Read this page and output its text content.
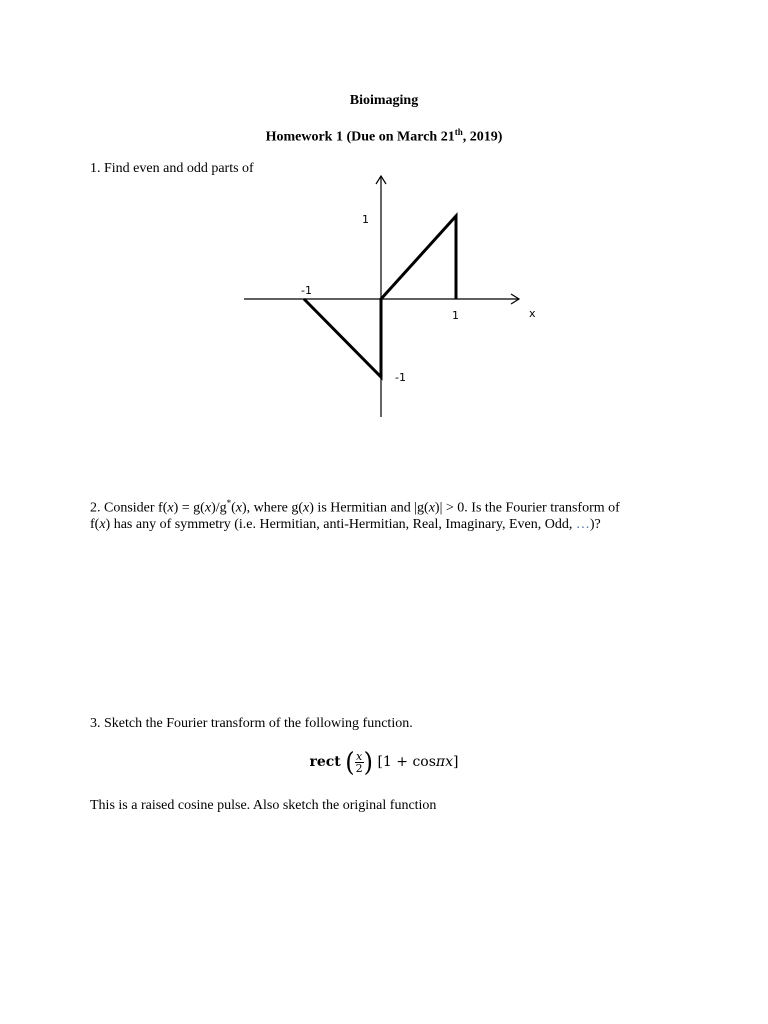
Bioimaging
Homework 1 (Due on March 21th, 2019)
1. Find even and odd parts of
1
-1
1	x
-1
2. Consider f(x) = g(x)/g*(x), where g(x) is Hermitian and |g(x)| > 0. Is the Fourier transform of
f(x) has any of symmetry (i.e. Hermitian, anti-Hermitian, Real, Imaginary, Even, Odd, …)?
3. Sketch the Fourier transform of the following function.
rect ( $\frac{x}{2}$ ) [1 + cosπx]
This is a raised cosine pulse. Also sketch the original function
